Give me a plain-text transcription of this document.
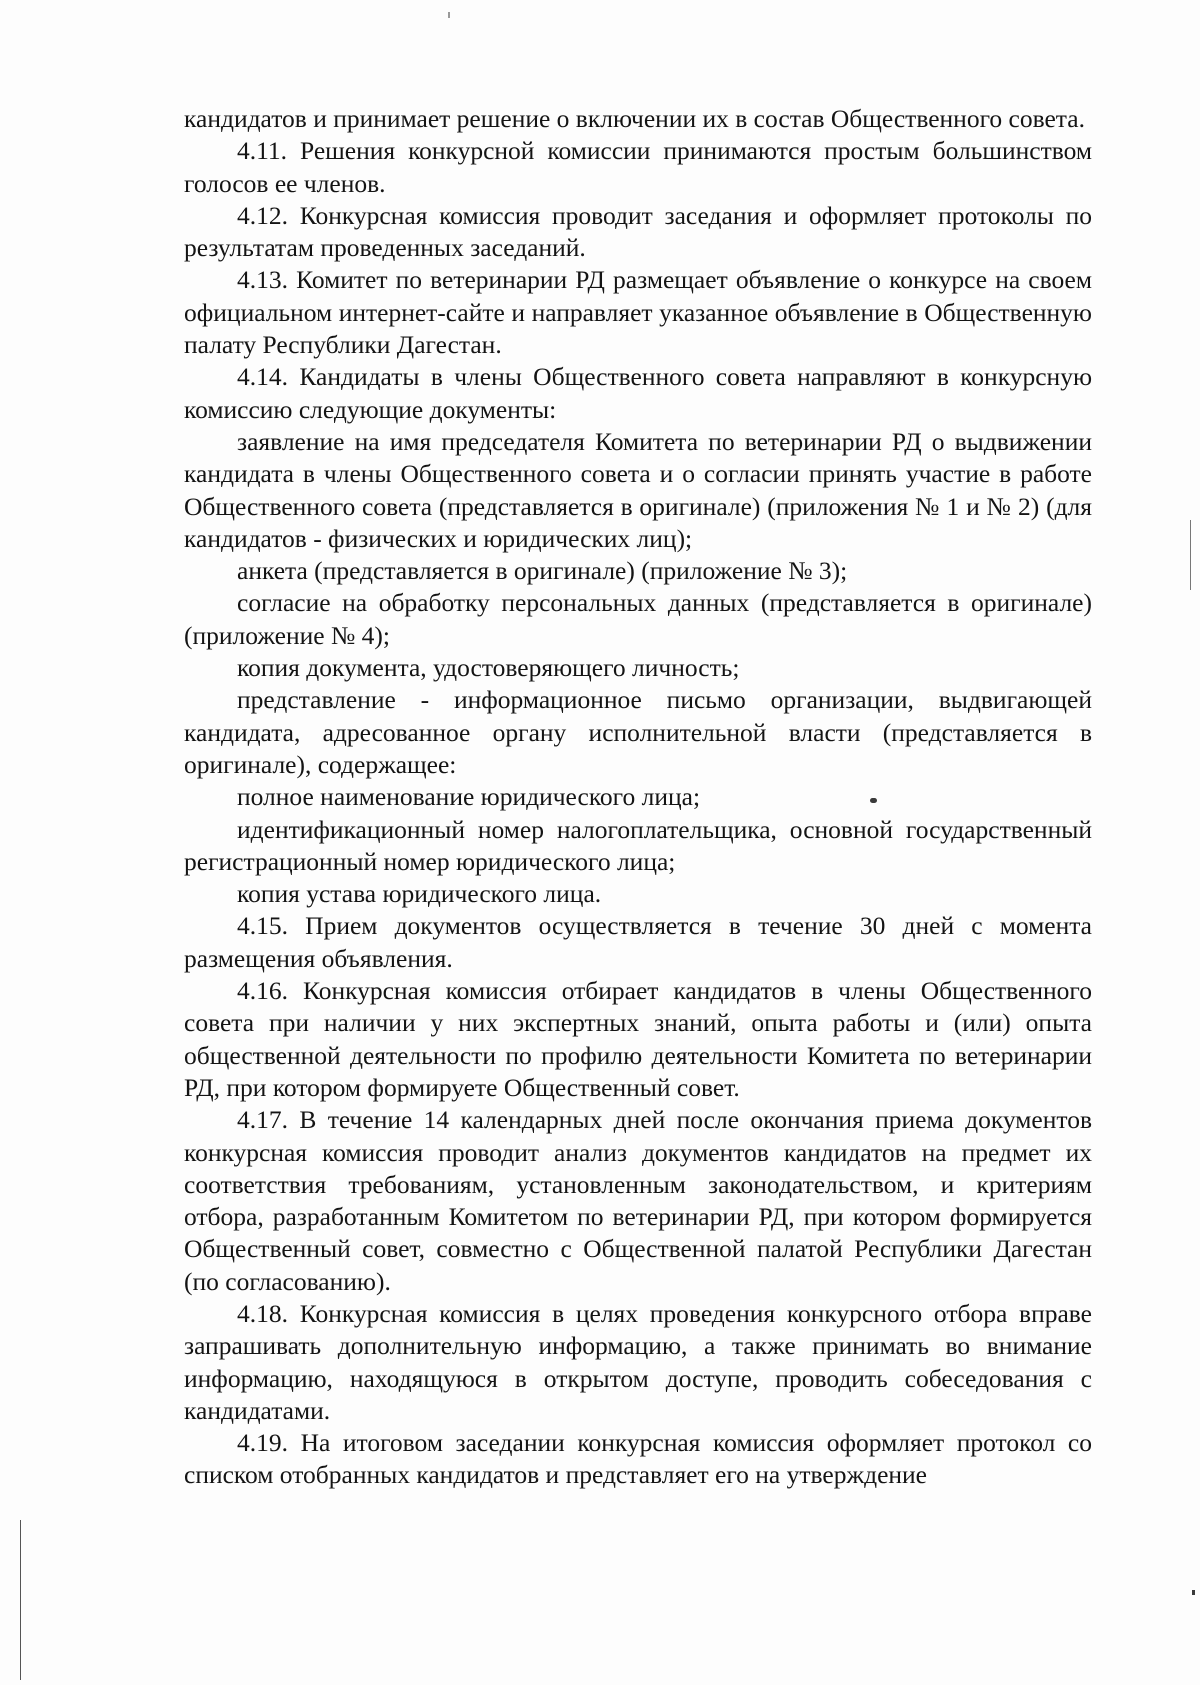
кандидатов и принимает решение о включении их в состав Общественного совета.

4.11. Решения конкурсной комиссии принимаются простым большинством голосов ее членов.

4.12. Конкурсная комиссия проводит заседания и оформляет протоколы по результатам проведенных заседаний.

4.13. Комитет по ветеринарии РД размещает объявление о конкурсе на своем официальном интернет-сайте и направляет указанное объявление в Общественную палату Республики Дагестан.

4.14. Кандидаты в члены Общественного совета направляют в конкурсную комиссию следующие документы:

заявление на имя председателя Комитета по ветеринарии РД о выдвижении кандидата в члены Общественного совета и о согласии принять участие в работе Общественного совета (представляется в оригинале) (приложения № 1 и № 2) (для кандидатов - физических и юридических лиц);

анкета (представляется в оригинале) (приложение № 3);

согласие на обработку персональных данных (представляется в оригинале) (приложение № 4);

копия документа, удостоверяющего личность;

представление - информационное письмо организации, выдвигающей кандидата, адресованное органу исполнительной власти (представляется в оригинале), содержащее:

полное наименование юридического лица;

идентификационный номер налогоплательщика, основной государственный регистрационный номер юридического лица;

копия устава юридического лица.

4.15. Прием документов осуществляется в течение 30 дней с момента размещения объявления.

4.16. Конкурсная комиссия отбирает кандидатов в члены Общественного совета при наличии у них экспертных знаний, опыта работы и (или) опыта общественной деятельности по профилю деятельности Комитета по ветеринарии РД, при котором формируете Общественный совет.

4.17. В течение 14 календарных дней после окончания приема документов конкурсная комиссия проводит анализ документов кандидатов на предмет их соответствия требованиям, установленным законодательством, и критериям отбора, разработанным Комитетом по ветеринарии РД, при котором формируется Общественный совет, совместно с Общественной палатой Республики Дагестан (по согласованию).

4.18. Конкурсная комиссия в целях проведения конкурсного отбора вправе запрашивать дополнительную информацию, а также принимать во внимание информацию, находящуюся в открытом доступе, проводить собеседования с кандидатами.

4.19. На итоговом заседании конкурсная комиссия оформляет протокол со списком отобранных кандидатов и представляет его на утверждение
